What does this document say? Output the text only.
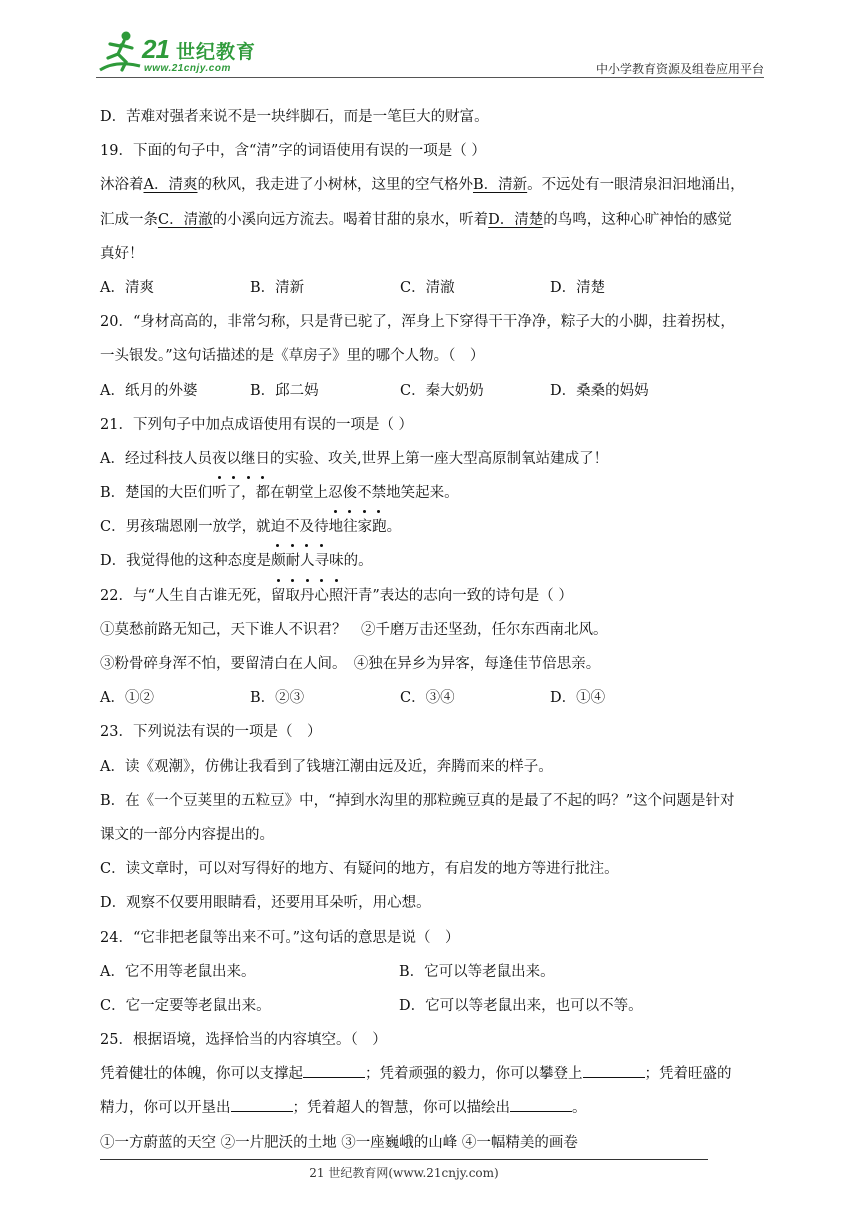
21 世纪教育
www.21cnjy.com	中小学教育资源及组卷应用平台
D．苦难对强者来说不是一块绊脚石，而是一笔巨大的财富。
19．下面的句子中，含“清”字的词语使用有误的一项是（ ）
沐浴着A．清爽的秋风，我走进了小树林，这里的空气格外B．清新。不远处有一眼清泉汩汩地涌出，
汇成一条C．清澈的小溪向远方流去。喝着甘甜的泉水，听着D．清楚的鸟鸣，这种心旷神怡的感觉
真好！
A．清爽	B．清新	C．清澈	D．清楚
20．“身材高高的，非常匀称，只是背已驼了，浑身上下穿得干干净净，粽子大的小脚，拄着拐杖，
一头银发。”这句话描述的是《草房子》里的哪个人物。（　）
A．纸月的外婆	B．邱二妈	C．秦大奶奶	D．桑桑的妈妈
21．下列句子中加点成语使用有误的一项是（ ）
A．经过科技人员夜以继日的实验、攻关,世界上第一座大型高原制氧站建成了！
B．楚国的大臣们听了，都在朝堂上忍俊不禁地笑起来。
C．男孩瑞恩刚一放学，就迫不及待地往家跑。
D．我觉得他的这种态度是颇耐人寻味的。
22．与“人生自古谁无死，留取丹心照汗青”表达的志向一致的诗句是（ ）
①莫愁前路无知己，天下谁人不识君？　②千磨万击还坚劲，任尔东西南北风。
③粉骨碎身浑不怕，要留清白在人间。　④独在异乡为异客，每逢佳节倍思亲。
A．①②	B．②③	C．③④	D．①④
23．下列说法有误的一项是（　）
A．读《观潮》，仿佛让我看到了钱塘江潮由远及近，奔腾而来的样子。
B．在《一个豆荚里的五粒豆》中，“掉到水沟里的那粒豌豆真的是最了不起的吗？”这个问题是针对
课文的一部分内容提出的。
C．读文章时，可以对写得好的地方、有疑问的地方，有启发的地方等进行批注。
D．观察不仅要用眼睛看，还要用耳朵听，用心想。
24．“它非把老鼠等出来不可。”这句话的意思是说（　）
A．它不用等老鼠出来。	B．它可以等老鼠出来。
C．它一定要等老鼠出来。	D．它可以等老鼠出来，也可以不等。
25．根据语境，选择恰当的内容填空。（　）
凭着健壮的体魄，你可以支撑起	；凭着顽强的毅力，你可以攀登上	；凭着旺盛的
精力，你可以开垦出	；凭着超人的智慧，你可以描绘出	。
①一方蔚蓝的天空 ②一片肥沃的土地 ③一座巍峨的山峰 ④一幅精美的画卷
21 世纪教育网(www.21cnjy.com)
